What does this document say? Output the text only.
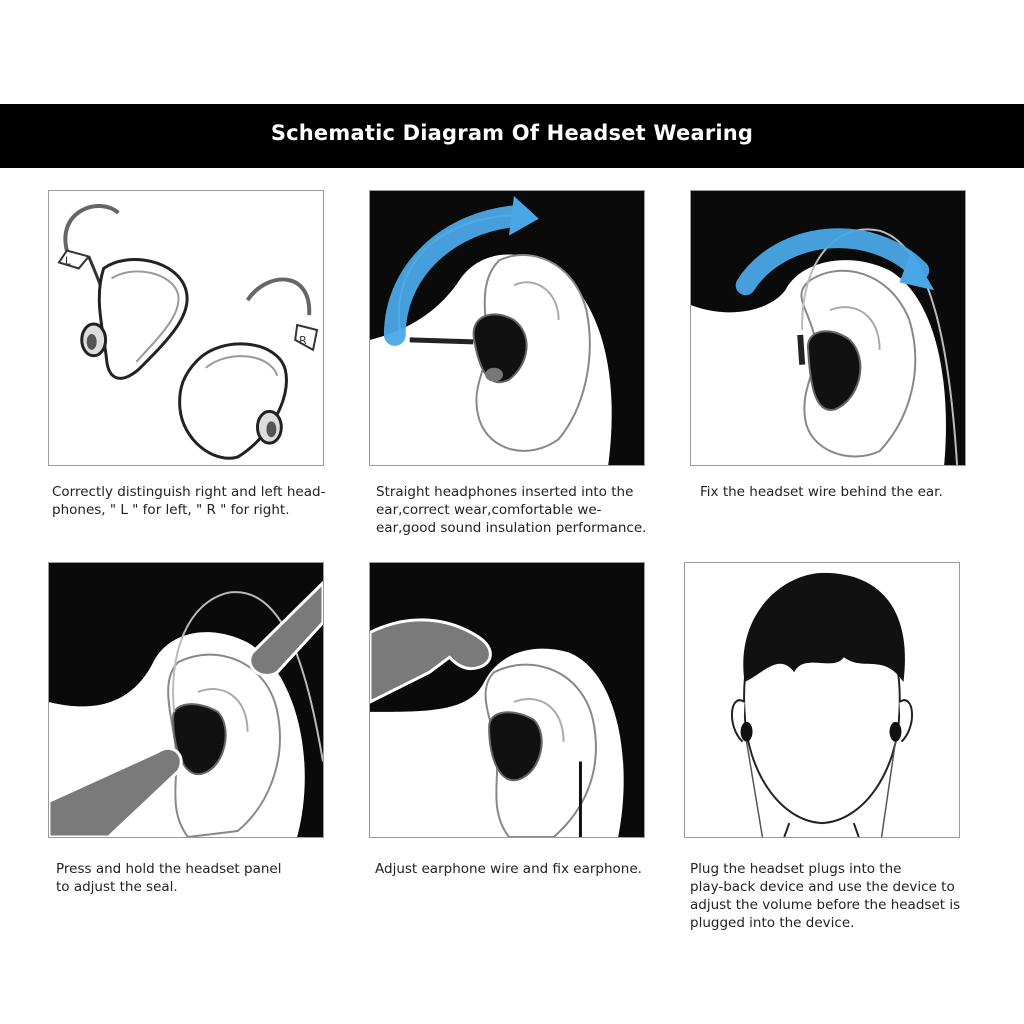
Schematic Diagram Of Headset Wearing
L
R
Correctly distinguish right and left head-
phones, " L " for left, " R " for right.
Straight headphones inserted into the
ear,correct wear,comfortable we-
ear,good sound insulation performance.
Fix the headset wire behind the ear.
Press and hold the headset panel
to adjust the seal.
Adjust earphone wire and fix earphone.	Plug the headset plugs into the
play-back device and use the device to
adjust the volume before the headset is
plugged into the device.
